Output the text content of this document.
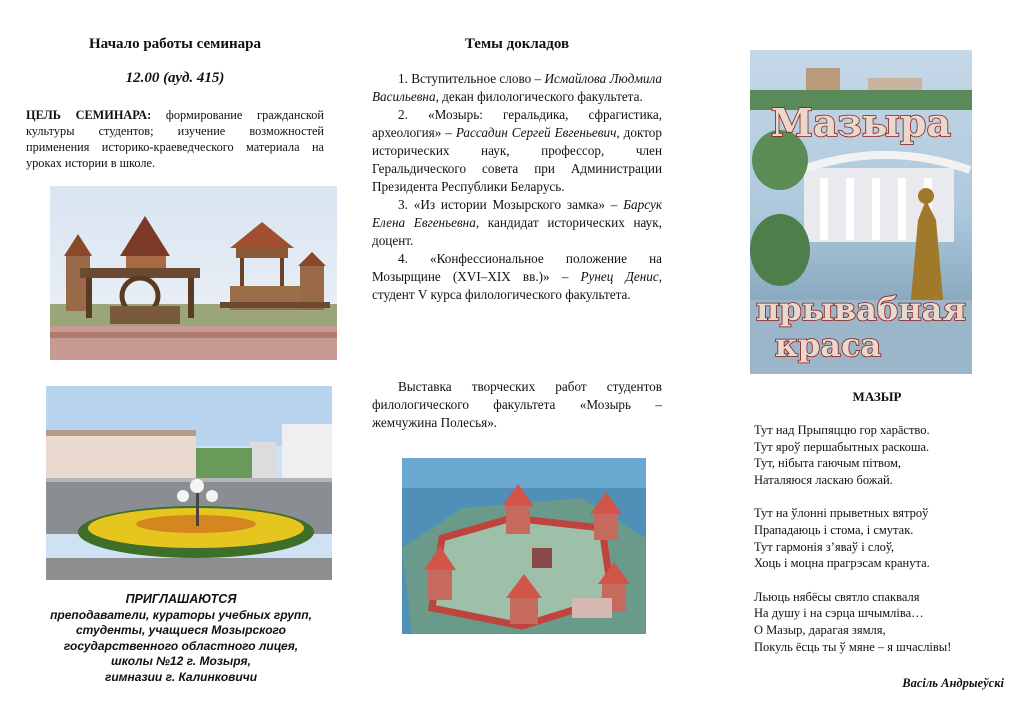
Начало работы семинара
12.00 (ауд. 415)
ЦЕЛЬ СЕМИНАРА: формирование гражданской культуры студентов; изучение возможностей применения историко-краеведческого материала на уроках истории в школе.
ПРИГЛАШАЮТСЯ
преподаватели, кураторы учебных групп,
студенты, учащиеся Мозырского
государственного областного лицея,
школы №12 г. Мозыря,
гимназии г. Калинковичи
Темы докладов

1. Вступительное слово – Исмайлова Людмила Васильевна, декан филологического факультета.

2. «Мозырь: геральдика, сфрагистика, археология» – Рассадин Сергей Евгеньевич, доктор исторических наук, профессор, член Геральдического совета при Администрации Президента Республики Беларусь.

3. «Из истории Мозырского замка» – Барсук Елена Евгеньевна, кандидат исторических наук, доцент.

4. «Конфессиональное положение на Мозырщине (XVI–XIX вв.)» – Рунец Денис, студент V курса филологического факультета.

Выставка творческих работ студентов филологического факультета «Мозырь – жемчужина Полесья».
Мазыра
прывабная
краса
МАЗЫР
Тут над Прыпяццю гор харāство.
Тут яроў першабытных раскоша.
Тут, нібыта гаючым пітвом,
Наталяюся ласкаю божай.
Тут на ўлонні прыветных вятроў
Прападаюць і стома, і смутак.
Тут гармонія з’яваў і слоў,
Хоць і моцна прагрэсам кранута.
Льюць нябёсы святло спакваля
На душу і на сэрца шчымліва…
О Мазыр, дарагая зямля,
Покуль ёсць ты ў мяне – я шчаслівы!
Васіль Андрыеўскі
